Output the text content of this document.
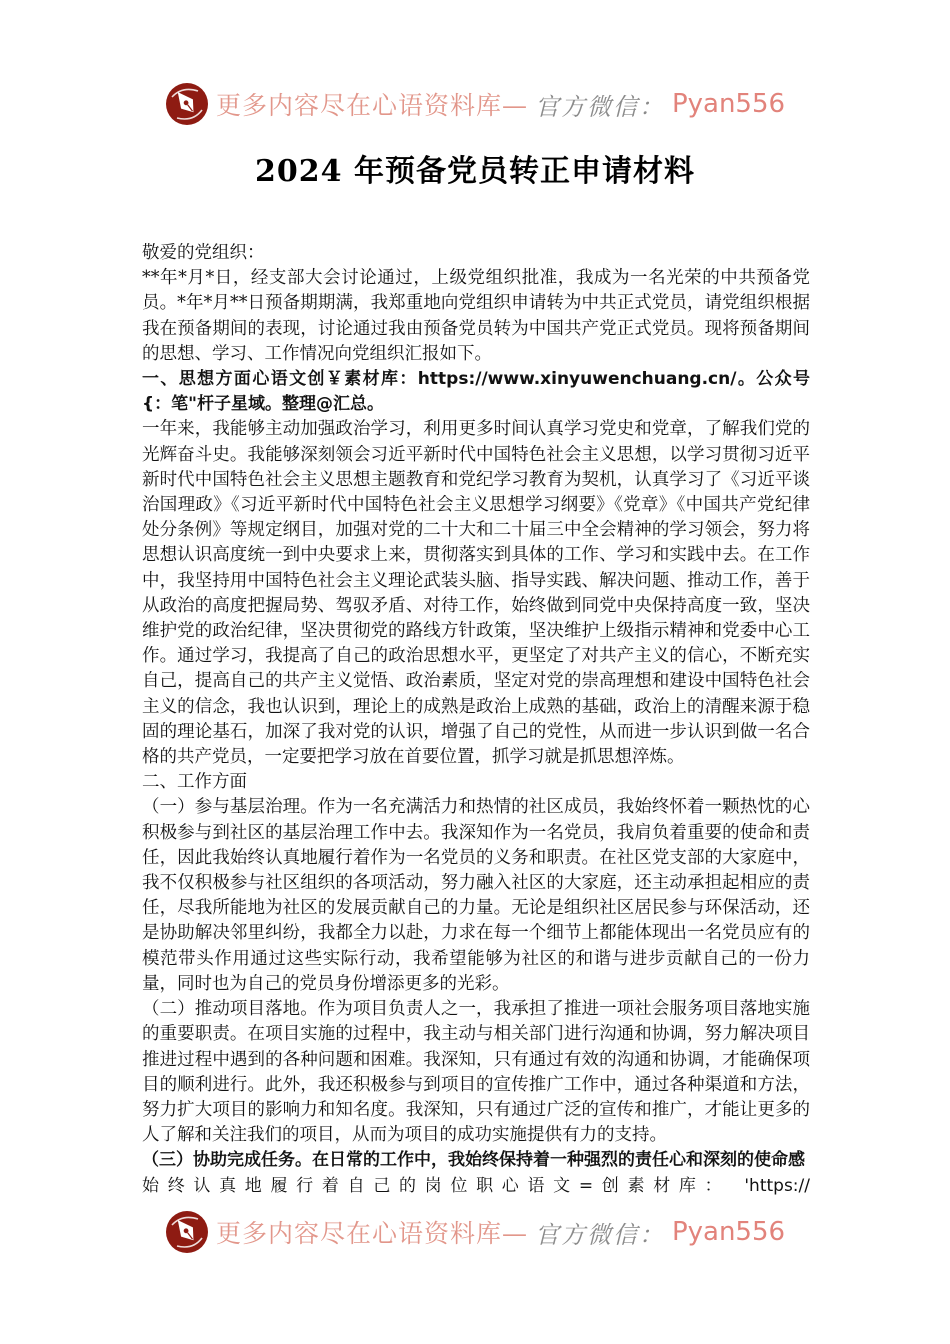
更多内容尽在心语资料库— 官方微信： Pyan556
2024 年预备党员转正申请材料

敬爱的党组织：

**年*月*日，经支部大会讨论通过，上级党组织批准，我成为一名光荣的中共预备党员。*年*月**日预备期期满，我郑重地向党组织申请转为中共正式党员，请党组织根据我在预备期间的表现，讨论通过我由预备党员转为中国共产党正式党员。现将预备期间的思想、学习、工作情况向党组织汇报如下。

一、思想方面心语文创￥素材库：https://www.xinyuwenchuang.cn/。公众号{：笔"杆子星域。整理@汇总。

一年来，我能够主动加强政治学习，利用更多时间认真学习党史和党章，了解我们党的光辉奋斗史。我能够深刻领会习近平新时代中国特色社会主义思想，以学习贯彻习近平新时代中国特色社会主义思想主题教育和党纪学习教育为契机，认真学习了《习近平谈治国理政》《习近平新时代中国特色社会主义思想学习纲要》《党章》《中国共产党纪律处分条例》等规定纲目，加强对党的二十大和二十届三中全会精神的学习领会，努力将思想认识高度统一到中央要求上来，贯彻落实到具体的工作、学习和实践中去。在工作中，我坚持用中国特色社会主义理论武装头脑、指导实践、解决问题、推动工作，善于从政治的高度把握局势、驾驭矛盾、对待工作，始终做到同党中央保持高度一致，坚决维护党的政治纪律，坚决贯彻党的路线方针政策，坚决维护上级指示精神和党委中心工作。通过学习，我提高了自己的政治思想水平，更坚定了对共产主义的信心，不断充实自己，提高自己的共产主义觉悟、政治素质，坚定对党的崇高理想和建设中国特色社会主义的信念，我也认识到，理论上的成熟是政治上成熟的基础，政治上的清醒来源于稳固的理论基石，加深了我对党的认识，增强了自己的党性，从而进一步认识到做一名合格的共产党员，一定要把学习放在首要位置，抓学习就是抓思想淬炼。

二、工作方面

（一）参与基层治理。作为一名充满活力和热情的社区成员，我始终怀着一颗热忱的心积极参与到社区的基层治理工作中去。我深知作为一名党员，我肩负着重要的使命和责任，因此我始终认真地履行着作为一名党员的义务和职责。在社区党支部的大家庭中，我不仅积极参与社区组织的各项活动，努力融入社区的大家庭，还主动承担起相应的责任，尽我所能地为社区的发展贡献自己的力量。无论是组织社区居民参与环保活动，还是协助解决邻里纠纷，我都全力以赴，力求在每一个细节上都能体现出一名党员应有的模范带头作用通过这些实际行动，我希望能够为社区的和谐与进步贡献自己的一份力量，同时也为自己的党员身份增添更多的光彩。

（二）推动项目落地。作为项目负责人之一，我承担了推进一项社会服务项目落地实施的重要职责。在项目实施的过程中，我主动与相关部门进行沟通和协调，努力解决项目推进过程中遇到的各种问题和困难。我深知，只有通过有效的沟通和协调，才能确保项目的顺利进行。此外，我还积极参与到项目的宣传推广工作中，通过各种渠道和方法，努力扩大项目的影响力和知名度。我深知，只有通过广泛的宣传和推广，才能让更多的人了解和关注我们的项目，从而为项目的成功实施提供有力的支持。

（三）协助完成任务。在日常的工作中，我始终保持着一种强烈的责任心和深刻的使命感

始终认真地履行着自己的岗位职心语文=创素材库： 'https://

更多内容尽在心语资料库— 官方微信： Pyan556
